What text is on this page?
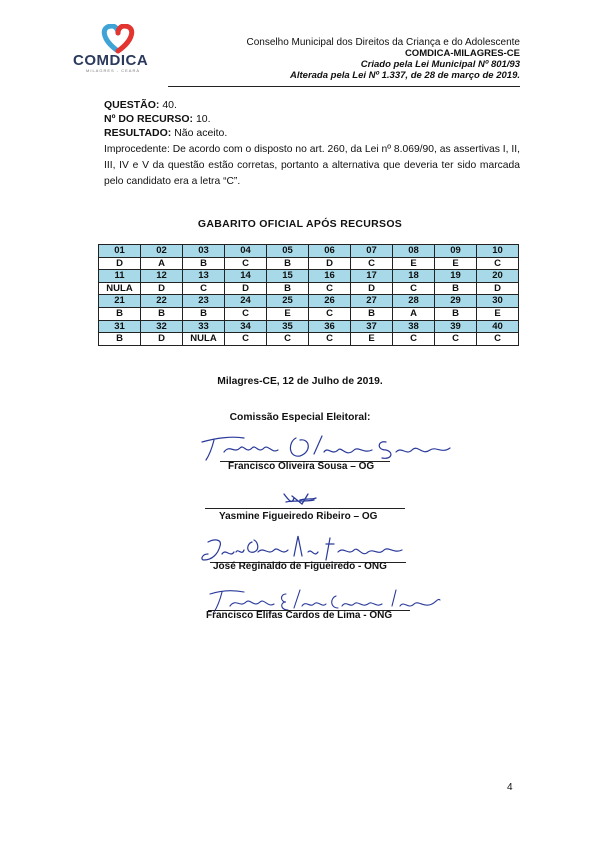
COMDICA
MILAGRES - CEARÁ
Conselho Municipal dos Direitos da Criança e do Adolescente
COMDICA-MILAGRES-CE
Criado pela Lei Municipal Nº 801/93
Alterada pela Lei Nº 1.337, de 28 de março de 2019.
QUESTÃO: 40.
Nº DO RECURSO: 10.
RESULTADO: Não aceito.
Improcedente: De acordo com o disposto no art. 260, da Lei nº 8.069/90, as assertivas I, II, III, IV e V da questão estão corretas, portanto a alternativa que deveria ter sido marcada pelo candidato era a letra “C”.
GABARITO OFICIAL APÓS RECURSOS
01	02	03	04	05	06	07	08	09	10
D	A	B	C	B	D	C	E	E	C
11	12	13	14	15	16	17	18	19	20
NULA	D	C	D	B	C	D	C	B	D
21	22	23	24	25	26	27	28	29	30
B	B	B	C	E	C	B	A	B	E
31	32	33	34	35	36	37	38	39	40
B	D	NULA	C	C	C	E	C	C	C
Milagres-CE, 12 de Julho de 2019.
Comissão Especial Eleitoral:
Francisco Oliveira Sousa – OG
Yasmine Figueiredo Ribeiro – OG
José Reginaldo de Figueiredo - ONG
Francisco Elifas Cardos de Lima - ONG
4
